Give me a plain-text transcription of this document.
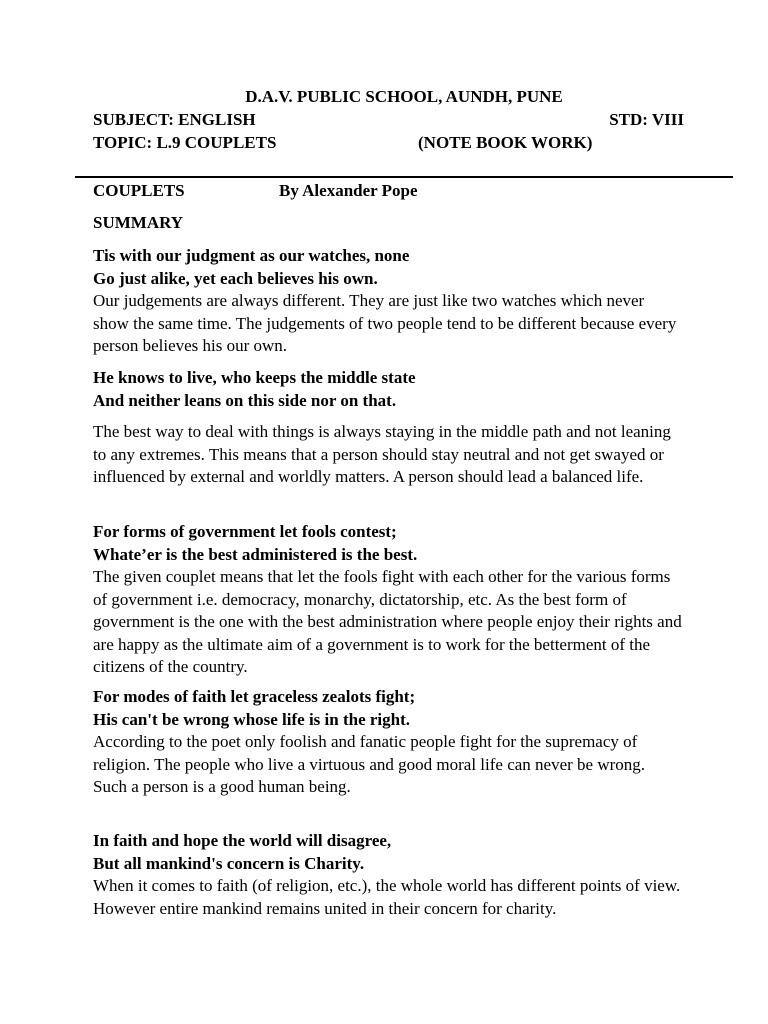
D.A.V. PUBLIC SCHOOL, AUNDH, PUNE
SUBJECT: ENGLISH	STD: VIII
TOPIC: L.9 COUPLETS	(NOTE BOOK WORK)
COUPLETS	By Alexander Pope
SUMMARY
Tis with our judgment as our watches, none
Go just alike, yet each believes his own.
Our judgements are always different. They are just like two watches which never show the same time. The judgements of two people tend to be different because every person believes his our own.
He knows to live, who keeps the middle state
And neither leans on this side nor on that.
The best way to deal with things is always staying in the middle path and not leaning to any extremes. This means that a person should stay neutral and not get swayed or influenced by external and worldly matters. A person should lead a balanced life.
For forms of government let fools contest;
Whate’er is the best administered is the best.
The given couplet means that let the fools fight with each other for the various forms of government i.e. democracy, monarchy, dictatorship, etc. As the best form of government is the one with the best administration where people enjoy their rights and are happy as the ultimate aim of a government is to work for the betterment of the citizens of the country.
For modes of faith let graceless zealots fight;
His can't be wrong whose life is in the right.
According to the poet only foolish and fanatic people fight for the supremacy of religion. The people who live a virtuous and good moral life can never be wrong. Such a person is a good human being.
In faith and hope the world will disagree,
But all mankind's concern is Charity.
When it comes to faith (of religion, etc.), the whole world has different points of view. However entire mankind remains united in their concern for charity.
